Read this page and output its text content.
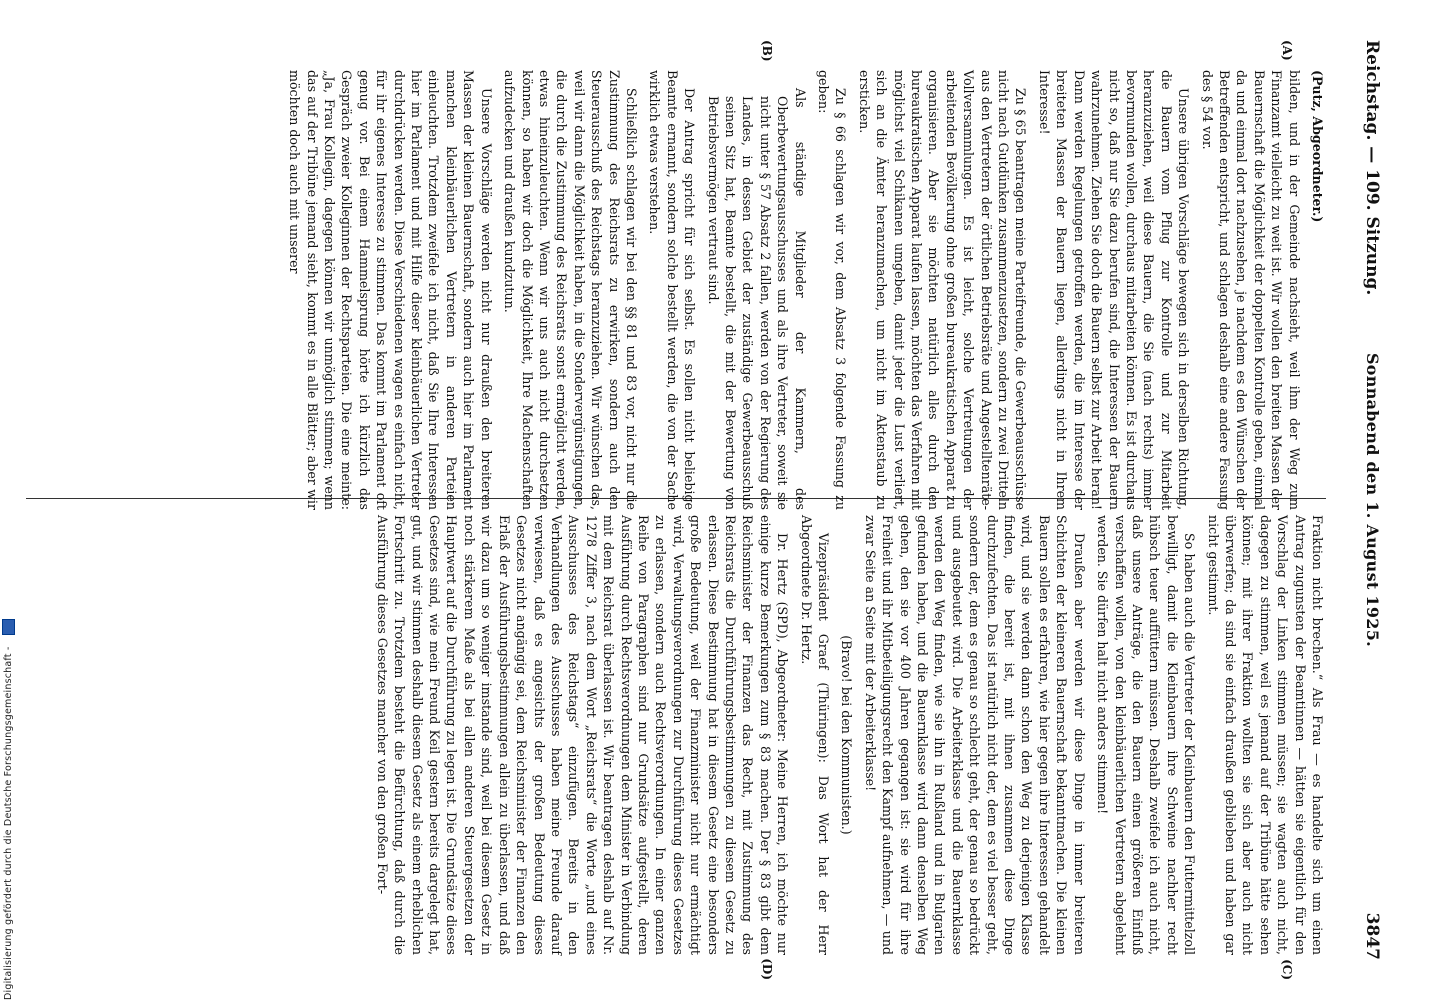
Reichstag. — 109. Sitzung.
Sonnabend den 1. August 1925.
3847
(A)
(B)
(C)
(D)

(Putz, Abgeordneter.)

bilden, und in der Gemeinde nachsieht, weil ihm der Weg zum Finanzamt vielleicht zu weit ist. Wir wollen den breiten Massen der Bauernschaft die Möglichkeit der doppelten Kontrolle geben, einmal da und einmal dort nachzusehen, je nachdem es den Wünschen der Betreffenden entspricht, und schlagen deshalb eine andere Fassung des § 54 vor.

Unsere übrigen Vorschläge bewegen sich in derselben Richtung, die Bauern vom Pflug zur Kontrolle und zur Mitarbeit heranzuziehen, weil diese Bauern, die Sie (nach rechts) immer bevormunden wollen, durchaus mitarbeiten können. Es ist durchaus nicht so, daß nur Sie dazu berufen sind, die Interessen der Bauern wahrzunehmen. Ziehen Sie doch die Bauern selbst zur Arbeit heran! Dann werden Regelungen getroffen werden, die im Interesse der breiteten Massen der Bauern liegen, allerdings nicht in Ihrem Interesse!

Zu § 65 beantragen meine Parteifreunde, die Gewerbeausschüsse nicht nach Gutdünken zusammenzusetzen, sondern zu zwei Dritteln aus den Vertretern der örtlichen Betriebsräte und Angestelltenräte-Vollversammlungen. Es ist leicht, solche Vertretungen der arbeitenden Bevölkerung ohne großen bureaukratischen Apparat zu organisieren. Aber sie möchten natürlich alles durch den bureaukratischen Apparat laufen lassen, möchten das Verfahren mit möglichst viel Schikanen umgeben, damit jeder die Lust verliert, sich an die Ämter heranzumachen, um nicht im Aktenstaub zu ersticken.

Zu § 66 schlagen wir vor, dem Absatz 3 folgende Fassung zu geben:

Als ständige Mitglieder der Kammern, des Oberbewertungsausschusses und als ihre Vertreter, soweit sie nicht unter § 57 Absatz 2 fallen, werden von der Regierung des Landes, in dessen Gebiet der zuständige Gewerbeausschuß seinen Sitz hat, Beamte bestellt, die mit der Bewertung von Betriebsvermögen vertraut sind.

Der Antrag spricht für sich selbst. Es sollen nicht beliebige Beamte ernannt, sondern solche bestellt werden, die von der Sache wirklich etwas verstehen.

Schließlich schlagen wir bei den §§ 81 und 83 vor, nicht nur die Zustimmung des Reichsrats zu erwirken, sondern auch den Steuerausschuß des Reichstags heranzuziehen. Wir wünschen das, weil wir dann die Möglichkeit haben, in die Sondervergünstigungen, die durch die Zustimmung des Reichsrats sonst ermöglicht werden, etwas hineinzuleuchten. Wenn wir uns auch nicht durchsetzen können, so haben wir doch die Möglichkeit, Ihre Machenschaften aufzudecken und draußen kundzutun.

Unsere Vorschläge werden nicht nur draußen den breiteren Massen der kleinen Bauernschaft, sondern auch hier im Parlament manchen kleinbäuerlichen Vertretern in anderen Parteien einleuchten. Trotzdem zweifele ich nicht, daß Sie Ihre Interessen hier im Parlament und mit Hilfe dieser kleinbäuerlichen Vertreter durchdrücken werden. Diese Verschiedenen wagen es einfach nicht, für ihr eigenes Interesse zu stimmen. Das kommt im Parlament oft genug vor. Bei einem Hammelsprung hörte ich kürzlich das Gespräch zweier Kolleginnen der Rechtsparteien. Die eine meinte: „Ja, Frau Kollegin, dagegen können wir unmöglich stimmen; wenn das auf der Tribüne jemand sieht, kommt es in alle Blätter; aber wir möchten doch auch mit unserer

Fraktion nicht brechen.“ Als Frau — es handelte sich um einen Antrag zugunsten der Beamtinnen — hätten sie eigentlich für den Vorschlag der Linken stimmen müssen; sie wagten auch nicht, dagegen zu stimmen, weil es jemand auf der Tribüne hätte sehen können; mit ihrer Fraktion wollten sie sich aber auch nicht überwerfen; da sind sie einfach draußen geblieben und haben gar nicht gestimmt.

So haben auch die Vertreter der Kleinbauern den Futtermittelzoll bewilligt, damit die Kleinbauern ihre Schweine nachher recht hübsch teuer auffüttern müssen. Deshalb zweifele ich auch nicht, daß unsere Anträge, die den Bauern einen größeren Einfluß verschaffen wollen, von den kleinbäuerlichen Vertretern abgelehnt werden. Sie dürfen halt nicht anders stimmen!

Draußen aber werden wir diese Dinge in immer breiteren Schichten der kleineren Bauernschaft bekanntmachen. Die kleinen Bauern sollen es erfahren, wie hier gegen ihre Interessen gehandelt wird, und sie werden dann schon den Weg zu derjenigen Klasse finden, die bereit ist, mit ihnen zusammen diese Dinge durchzufechten. Das ist natürlich nicht der, dem es viel besser geht, sondern der, dem es genau so schlecht geht, der genau so bedrückt und ausgebeutet wird. Die Arbeiterklasse und die Bauernklasse werden den Weg finden, wie sie ihn in Rußland und in Bulgarien gefunden haben, und die Bauernklasse wird dann denselben Weg gehen, den sie vor 400 Jahren gegangen ist: sie wird für ihre Freiheit und ihr Mitbeteiligungsrecht den Kampf aufnehmen, — und zwar Seite an Seite mit der Arbeiterklasse!

(Bravo! bei den Kommunisten.)

Vizepräsident Graef (Thüringen): Das Wort hat der Herr Abgeordnete Dr. Hertz.

Dr. Hertz (SPD), Abgeordneter: Meine Herren, ich möchte nur einige kurze Bemerkungen zum § 83 machen. Der § 83 gibt dem Reichsminister der Finanzen das Recht, mit Zustimmung des Reichsrats die Durchführungsbestimmungen zu diesem Gesetz zu erlassen. Diese Bestimmung hat in diesem Gesetz eine besonders große Bedeutung, weil der Finanzminister nicht nur ermächtigt wird, Verwaltungsverordnungen zur Durchführung dieses Gesetzes zu erlassen, sondern auch Rechtsverordnungen. In einer ganzen Reihe von Paragraphen sind nur Grundsätze aufgestellt, deren Ausführung durch Rechtsverordnungen dem Minister in Verbindung mit dem Reichsrat überlassen ist. Wir beantragen deshalb auf Nr. 1278 Ziffer 3, nach dem Wort „Reichsrats“ die Worte „und eines Ausschusses des Reichstags“ einzufügen. Bereits in den Verhandlungen des Ausschusses haben meine Freunde darauf verwiesen, daß es angesichts der großen Bedeutung dieses Gesetzes nicht angängig sei, dem Reichsminister der Finanzen den Erlaß der Ausführungsbestimmungen allein zu überlassen, und daß wir dazu um so weniger imstande sind, weil bei diesem Gesetz in noch stärkerem Maße als bei allen anderen Steuergesetzen der Hauptwert auf die Durchführung zu legen ist. Die Grundsätze dieses Gesetzes sind, wie mein Freund Keil gestern bereits dargelegt hat, gut, und wir stimmen deshalb diesem Gesetz als einem erheblichen Fortschritt zu. Trotzdem besteht die Befürchtung, daß durch die Ausführung dieses Gesetzes mancher von den großen Fort-

Digitalisierung gefördert durch die Deutsche Forschungsgemeinschaft -
